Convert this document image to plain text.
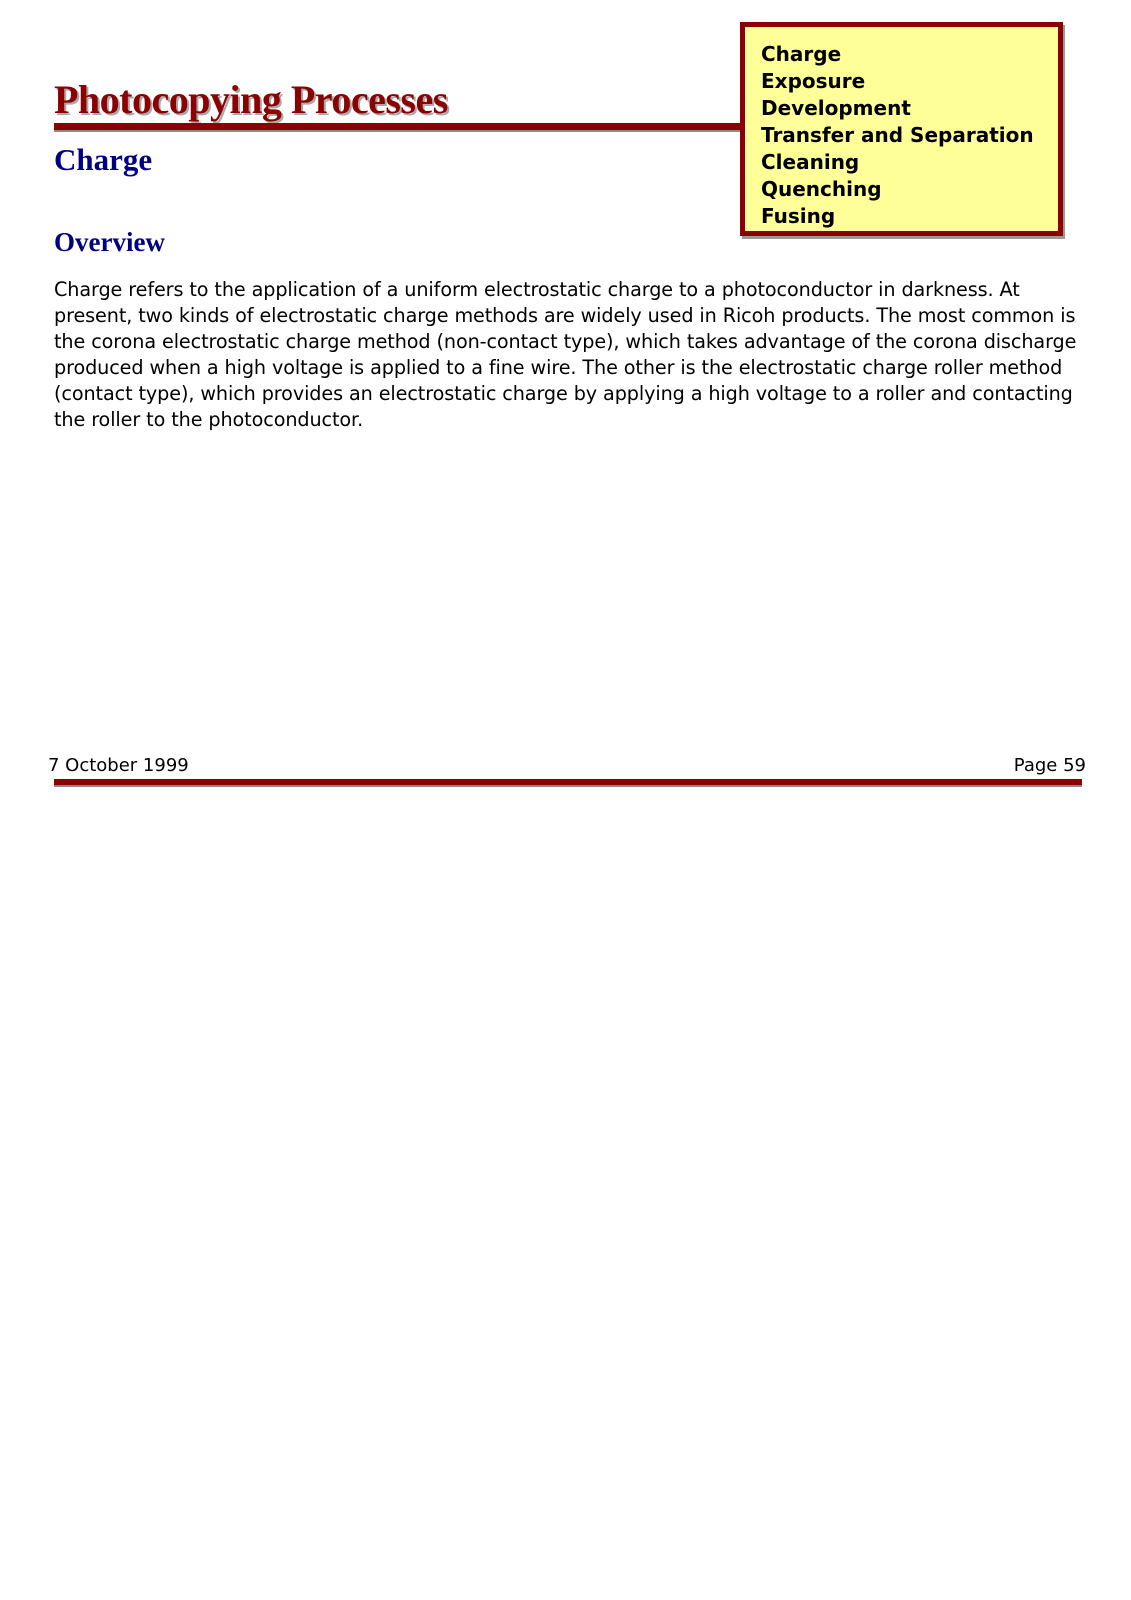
Photocopying Processes
Charge
Charge
Exposure
Development
Transfer and Separation
Cleaning
Quenching
Fusing
Overview

Charge refers to the application of a uniform electrostatic charge to a photoconductor in darkness. At present, two kinds of electrostatic charge methods are widely used in Ricoh products. The most common is the corona electrostatic charge method (non-contact type), which takes advantage of the corona discharge produced when a high voltage is applied to a fine wire. The other is the electrostatic charge roller method (contact type), which provides an electrostatic charge by applying a high voltage to a roller and contacting the roller to the photoconductor.

7 October 1999	Page 59
